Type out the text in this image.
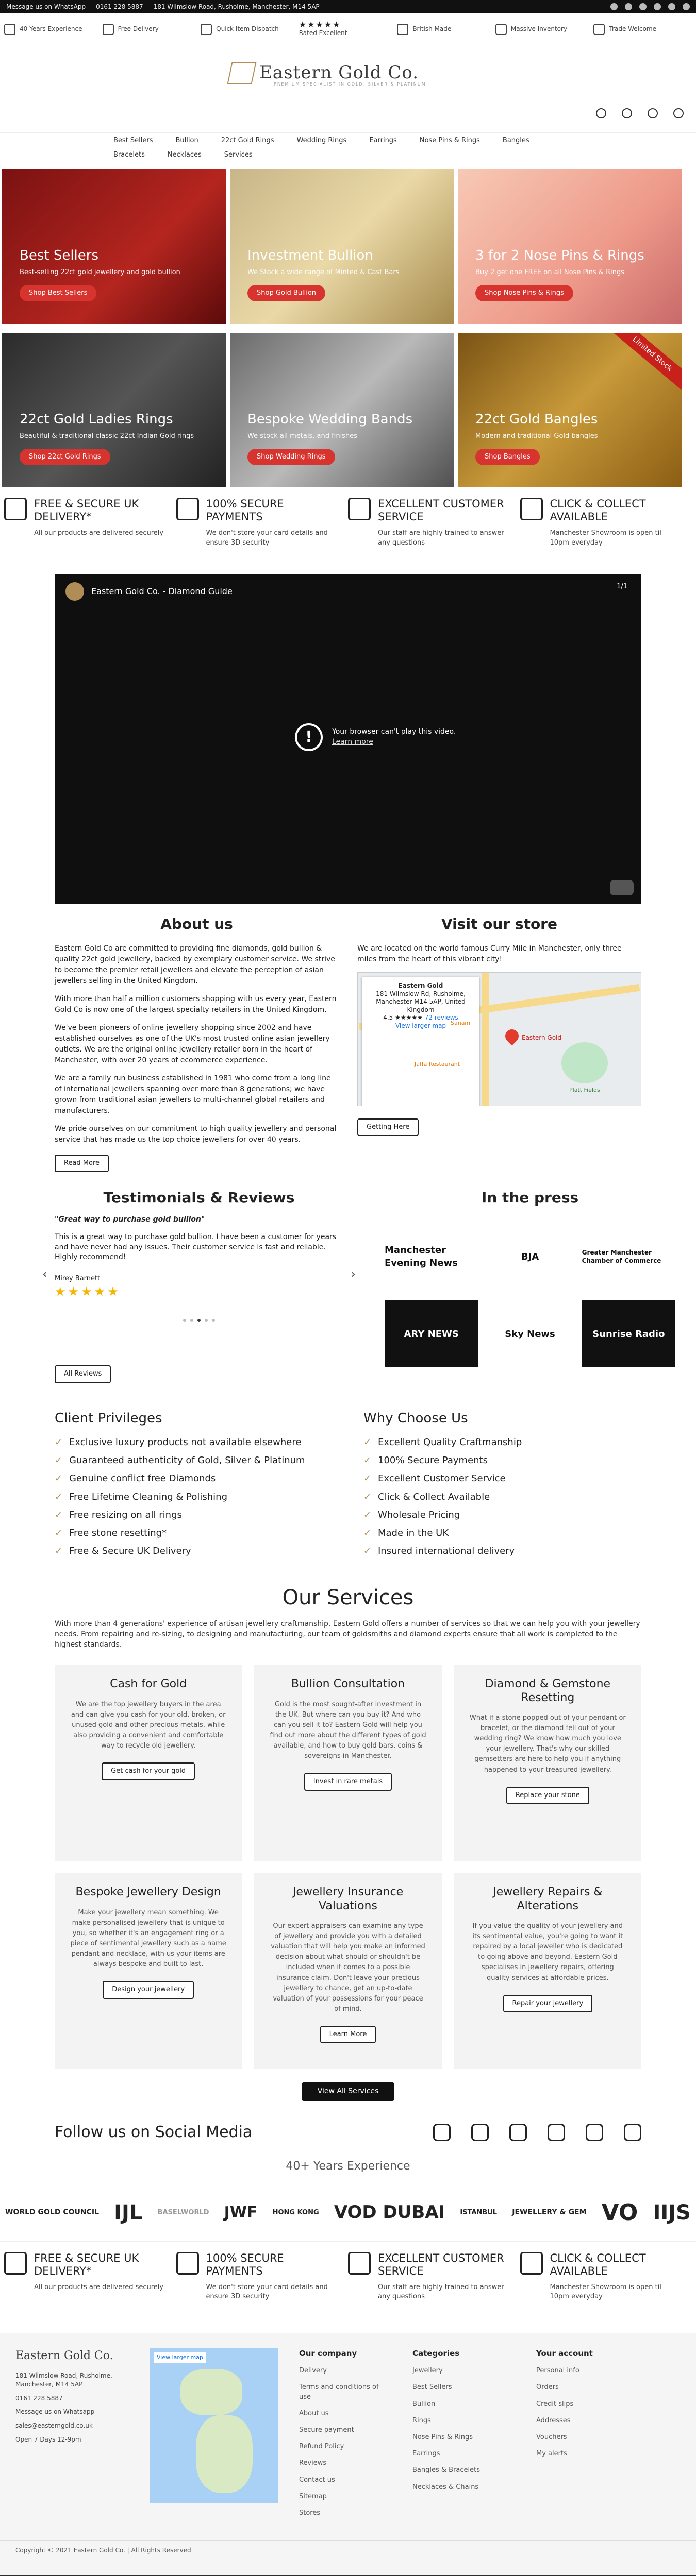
Message us on WhatsApp 0161 228 5887 181 Wilmslow Road, Rusholme, Manchester, M14 5AP
40 Years Experience	Free Delivery	Quick Item Dispatch ★★★★★
Rated Excellent
British Made	Massive Inventory	Trade Welcome
Eastern Gold Co.
PREMIUM SPECIALIST IN GOLD, SILVER & PLATINUM
Best Sellers	Bullion	22ct Gold Rings	Wedding Rings	Earrings	Nose Pins & Rings	Bangles
Bracelets	Necklaces	Services
Best Sellers

Best-selling 22ct gold jewellery and gold bullion

Shop Best Sellers
Investment Bullion

We Stock a wide range of Minted & Cast Bars

Shop Gold Bullion
3 for 2 Nose Pins & Rings

Buy 2 get one FREE on all Nose Pins & Rings

Shop Nose Pins & Rings
22ct Gold Ladies Rings

Beautiful & traditional classic 22ct Indian Gold rings

Shop 22ct Gold Rings
Bespoke Wedding Bands

We stock all metals, and finishes

Shop Wedding Rings
Limited Stock
22ct Gold Bangles

Modern and traditional Gold bangles

Shop Bangles
FREE & SECURE UK DELIVERY*

All our products are delivered securely

100% SECURE PAYMENTS

We don't store your card details and ensure 3D security

EXCELLENT CUSTOMER SERVICE

Our staff are highly trained to answer any questions

CLICK & COLLECT AVAILABLE

Manchester Showroom is open til 10pm everyday

Eastern Gold Co. - Diamond Guide	1/1
!	Your browser can't play this video.
Learn more
About us

Eastern Gold Co are committed to providing fine diamonds, gold bullion & quality 22ct gold jewellery, backed by exemplary customer service. We strive to become the premier retail jewellers and elevate the perception of asian jewellers selling in the United Kingdom.

With more than half a million customers shopping with us every year, Eastern Gold Co is now one of the largest specialty retailers in the United Kingdom.

We've been pioneers of online jewellery shopping since 2002 and have established ourselves as one of the UK's most trusted online asian jewellery outlets. We are the original online jewellery retailer born in the heart of Manchester, with over 20 years of ecommerce experience.

We are a family run business established in 1981 who come from a long line of international jewellers spanning over more than 8 generations; we have grown from traditional asian jewellers to multi-channel global retailers and manufacturers.

We pride ourselves on our commitment to high quality jewellery and personal service that has made us the top choice jewellers for over 40 years.

Read More
Visit our store

We are located on the world famous Curry Mile in Manchester, only three miles from the heart of this vibrant city!

Eastern Gold
181 Wilmslow Rd, Rusholme, Manchester M14 5AP, United Kingdom
4.5 ★★★★★ 72 reviews
View larger map
Eastern Gold
Jaffa Restaurant
Sanam
Platt Fields
Getting Here
Testimonials & Reviews
"Great way to purchase gold bullion"

This is a great way to purchase gold bullion. I have been a customer for years and have never had any issues. Their customer service is fast and reliable. Highly recommend!

Mirey Barnett
★★★★★
‹	›
All Reviews
In the press
Manchester Evening News
BJA	Greater Manchester Chamber of Commerce
ARY NEWS	Sky News	Sunrise Radio
Client Privileges
✓ Exclusive luxury products not available elsewhere
✓ Guaranteed authenticity of Gold, Silver & Platinum
✓ Genuine conflict free Diamonds
✓ Free Lifetime Cleaning & Polishing
✓ Free resizing on all rings
✓ Free stone resetting*
✓ Free & Secure UK Delivery
Why Choose Us
✓ Excellent Quality Craftmanship
✓ 100% Secure Payments
✓ Excellent Customer Service
✓ Click & Collect Available
✓ Wholesale Pricing
✓ Made in the UK
✓ Insured international delivery
Our Services

With more than 4 generations' experience of artisan jewellery craftmanship, Eastern Gold offers a number of services so that we can help you with your jewellery needs. From repairing and re-sizing, to designing and manufacturing, our team of goldsmiths and diamond experts ensure that all work is completed to the highest standards.

Cash for Gold

We are the top jewellery buyers in the area and can give you cash for your old, broken, or unused gold and other precious metals, while also providing a convenient and comfortable way to recycle old jewellery.

Get cash for your gold
Bullion Consultation

Gold is the most sought-after investment in the UK. But where can you buy it? And who can you sell it to? Eastern Gold will help you find out more about the different types of gold available, and how to buy gold bars, coins & sovereigns in Manchester.

Invest in rare metals
Diamond & Gemstone Resetting

What if a stone popped out of your pendant or bracelet, or the diamond fell out of your wedding ring? We know how much you love your jewellery. That's why our skilled gemsetters are here to help you if anything happened to your treasured jewellery.

Replace your stone
Bespoke Jewellery Design

Make your jewellery mean something. We make personalised jewellery that is unique to you, so whether it's an engagement ring or a piece of sentimental jewellery such as a name pendant and necklace, with us your items are always bespoke and built to last.

Design your jewellery
Jewellery Insurance Valuations

Our expert appraisers can examine any type of jewellery and provide you with a detailed valuation that will help you make an informed decision about what should or shouldn't be included when it comes to a possible insurance claim. Don't leave your precious jewellery to chance, get an up-to-date valuation of your possessions for your peace of mind.

Learn More
Jewellery Repairs & Alterations

If you value the quality of your jewellery and its sentimental value, you're going to want it repaired by a local jeweller who is dedicated to going above and beyond. Eastern Gold specialises in jewellery repairs, offering quality services at affordable prices.

Repair your jewellery
View All Services
Follow us on Social Media
40+ Years Experience
WORLD GOLD COUNCIL IJL BASELWORLD JWF HONG KONG VOD DUBAI ISTANBUL JEWELLERY & GEM VO IIJS
FREE & SECURE UK DELIVERY*

All our products are delivered securely

100% SECURE PAYMENTS

We don't store your card details and ensure 3D security

EXCELLENT CUSTOMER SERVICE

Our staff are highly trained to answer any questions

CLICK & COLLECT AVAILABLE

Manchester Showroom is open til 10pm everyday

Eastern Gold Co.
181 Wilmslow Road, Rusholme, Manchester, M14 5AP
0161 228 5887
Message us on Whatsapp
sales@easterngold.co.uk
Open 7 Days 12-9pm
View larger map	Our company
Delivery
Terms and conditions of use
About us
Secure payment
Refund Policy
Reviews
Contact us
Sitemap
Stores
Categories
Jewellery
Best Sellers
Bullion
Rings
Nose Pins & Rings
Earrings
Bangles & Bracelets
Necklaces & Chains
Your account
Personal info
Orders
Credit slips
Addresses
Vouchers
My alerts
Copyright © 2021 Eastern Gold Co. | All Rights Reserved
